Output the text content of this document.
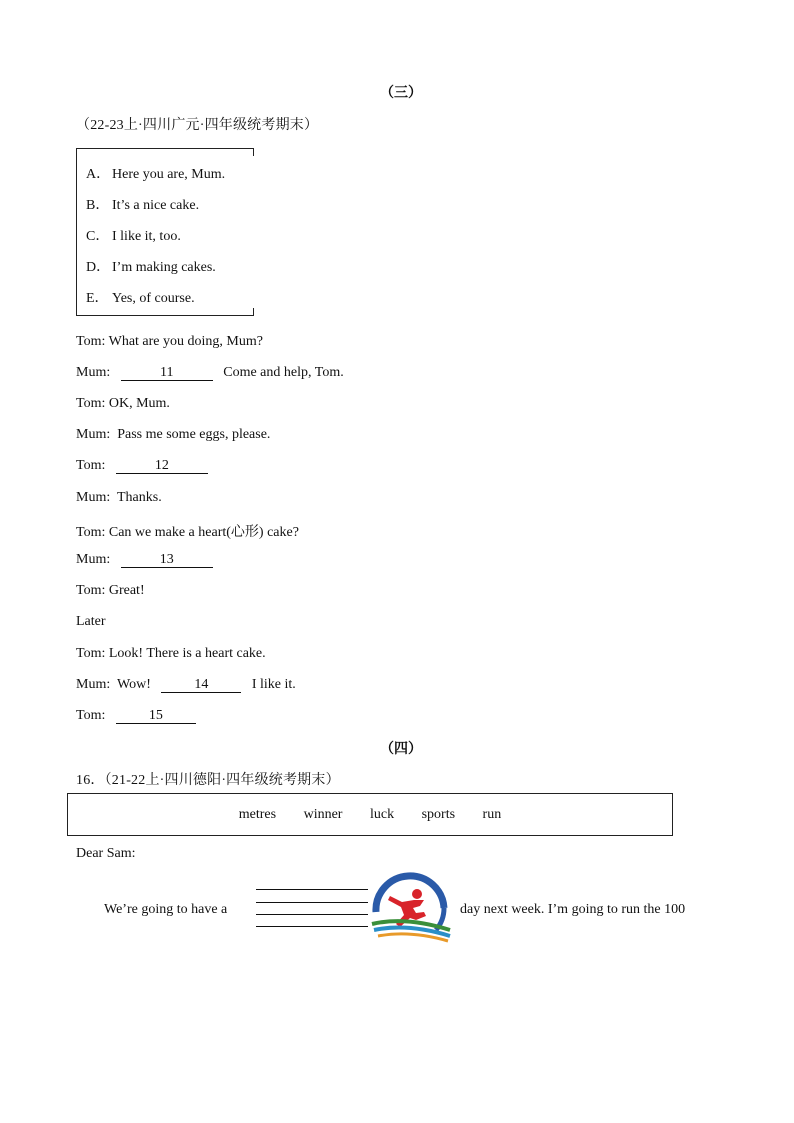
（三）
（22-23上·四川广元·四年级统考期末）
A． Here you are, Mum.
B． It’s a nice cake.
C． I like it, too.
D． I’m making cakes.
E． Yes, of course.
Tom: What are you doing, Mum?
Mum:	11	Come and help, Tom.
Tom: OK, Mum.
Mum: Pass me some eggs, please.
Tom:	12
Mum: Thanks.
Tom: Can we make a heart(心形) cake?
Mum:	13
Tom: Great!
Later
Tom: Look! There is a heart cake.
Mum: Wow!	14	I like it.
Tom:	15
（四）
16．（21-22上·四川德阳·四年级统考期末）
metres winner luck sports run
Dear Sam:
We’re going to have a	day next week. I’m going to run the 100
